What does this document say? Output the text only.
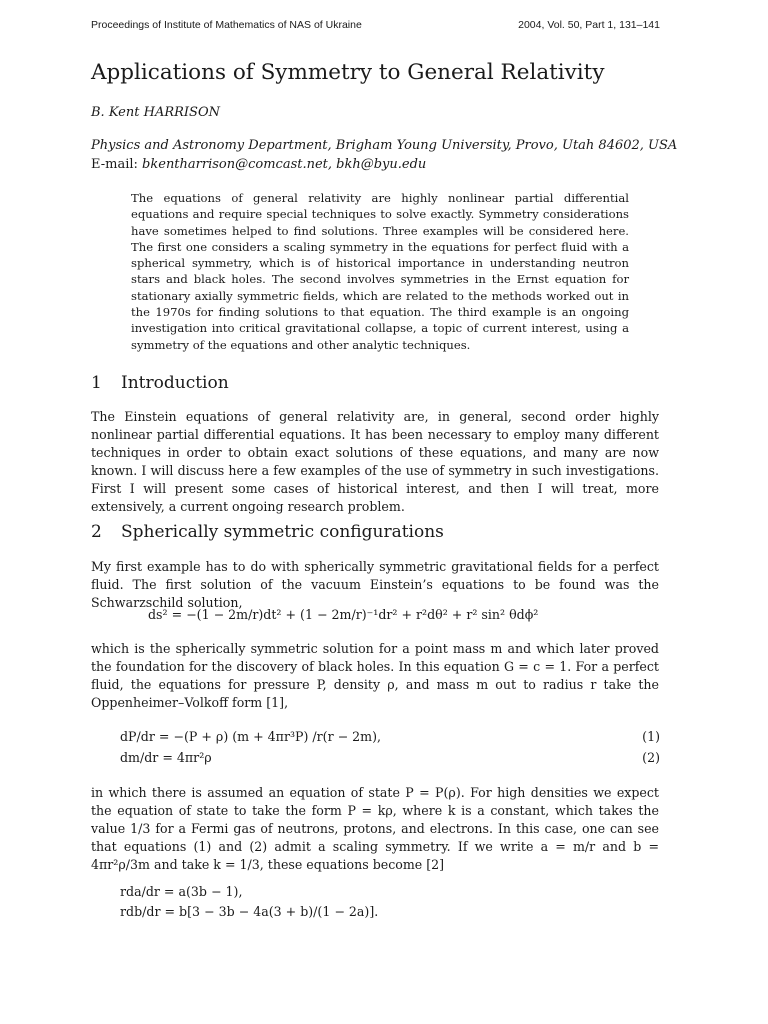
Proceedings of Institute of Mathematics of NAS of Ukraine	2004, Vol. 50, Part 1, 131–141
Applications of Symmetry to General Relativity
B. Kent HARRISON
Physics and Astronomy Department, Brigham Young University, Provo, Utah 84602, USA
E-mail: bkentharrison@comcast.net, bkh@byu.edu
The equations of general relativity are highly nonlinear partial differential equations and require special techniques to solve exactly. Symmetry considerations have sometimes helped to find solutions. Three examples will be considered here. The first one considers a scaling symmetry in the equations for perfect fluid with a spherical symmetry, which is of historical importance in understanding neutron stars and black holes. The second involves symmetries in the Ernst equation for stationary axially symmetric fields, which are related to the methods worked out in the 1970s for finding solutions to that equation. The third example is an ongoing investigation into critical gravitational collapse, a topic of current interest, using a symmetry of the equations and other analytic techniques.
1 Introduction
The Einstein equations of general relativity are, in general, second order highly nonlinear partial differential equations. It has been necessary to employ many different techniques in order to obtain exact solutions of these equations, and many are now known. I will discuss here a few examples of the use of symmetry in such investigations. First I will present some cases of historical interest, and then I will treat, more extensively, a current ongoing research problem.
2 Spherically symmetric configurations
My first example has to do with spherically symmetric gravitational fields for a perfect fluid. The first solution of the vacuum Einstein’s equations to be found was the Schwarzschild solution,
ds² = −(1 − 2m/r)dt² + (1 − 2m/r)⁻¹dr² + r²dθ² + r² sin² θdϕ²
which is the spherically symmetric solution for a point mass m and which later proved the foundation for the discovery of black holes. In this equation G = c = 1. For a perfect fluid, the equations for pressure P, density ρ, and mass m out to radius r take the Oppenheimer–Volkoff form [1],
dP/dr = −(P + ρ) (m + 4πr³P) /r(r − 2m),	(1)
dm/dr = 4πr²ρ	(2)
in which there is assumed an equation of state P = P(ρ). For high densities we expect the equation of state to take the form P = kρ, where k is a constant, which takes the value 1/3 for a Fermi gas of neutrons, protons, and electrons. In this case, one can see that equations (1) and (2) admit a scaling symmetry. If we write a = m/r and b = 4πr²ρ/3m and take k = 1/3, these equations become [2]
rda/dr = a(3b − 1),
rdb/dr = b[3 − 3b − 4a(3 + b)/(1 − 2a)].
